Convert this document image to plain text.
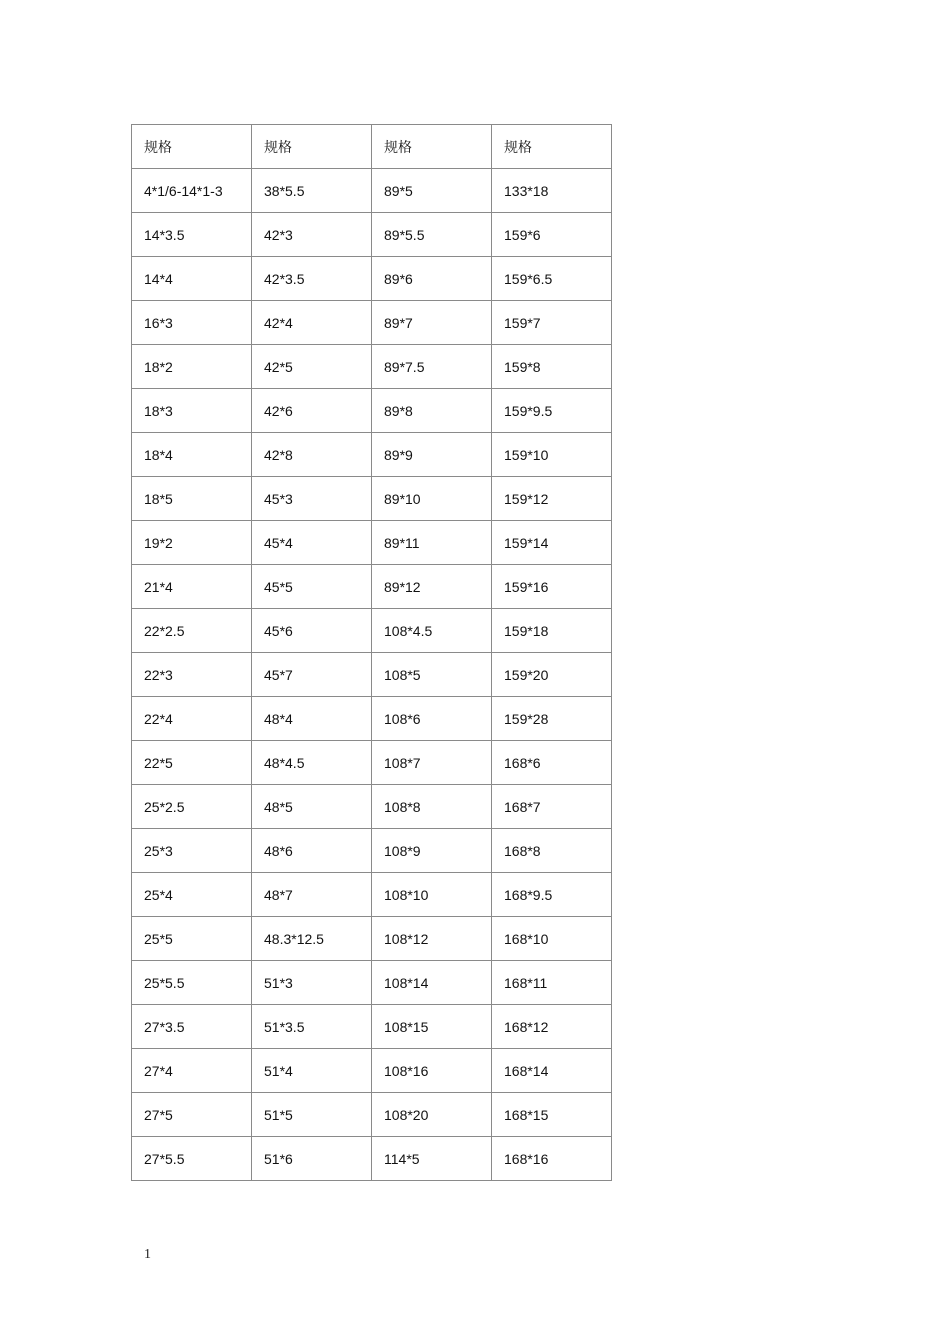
规格	规格	规格	规格
4*1/6-14*1-3	38*5.5	89*5	133*18
14*3.5	42*3	89*5.5	159*6
14*4	42*3.5	89*6	159*6.5
16*3	42*4	89*7	159*7
18*2	42*5	89*7.5	159*8
18*3	42*6	89*8	159*9.5
18*4	42*8	89*9	159*10
18*5	45*3	89*10	159*12
19*2	45*4	89*11	159*14
21*4	45*5	89*12	159*16
22*2.5	45*6	108*4.5	159*18
22*3	45*7	108*5	159*20
22*4	48*4	108*6	159*28
22*5	48*4.5	108*7	168*6
25*2.5	48*5	108*8	168*7
25*3	48*6	108*9	168*8
25*4	48*7	108*10	168*9.5
25*5	48.3*12.5	108*12	168*10
25*5.5	51*3	108*14	168*11
27*3.5	51*3.5	108*15	168*12
27*4	51*4	108*16	168*14
27*5	51*5	108*20	168*15
27*5.5	51*6	114*5	168*16
1
